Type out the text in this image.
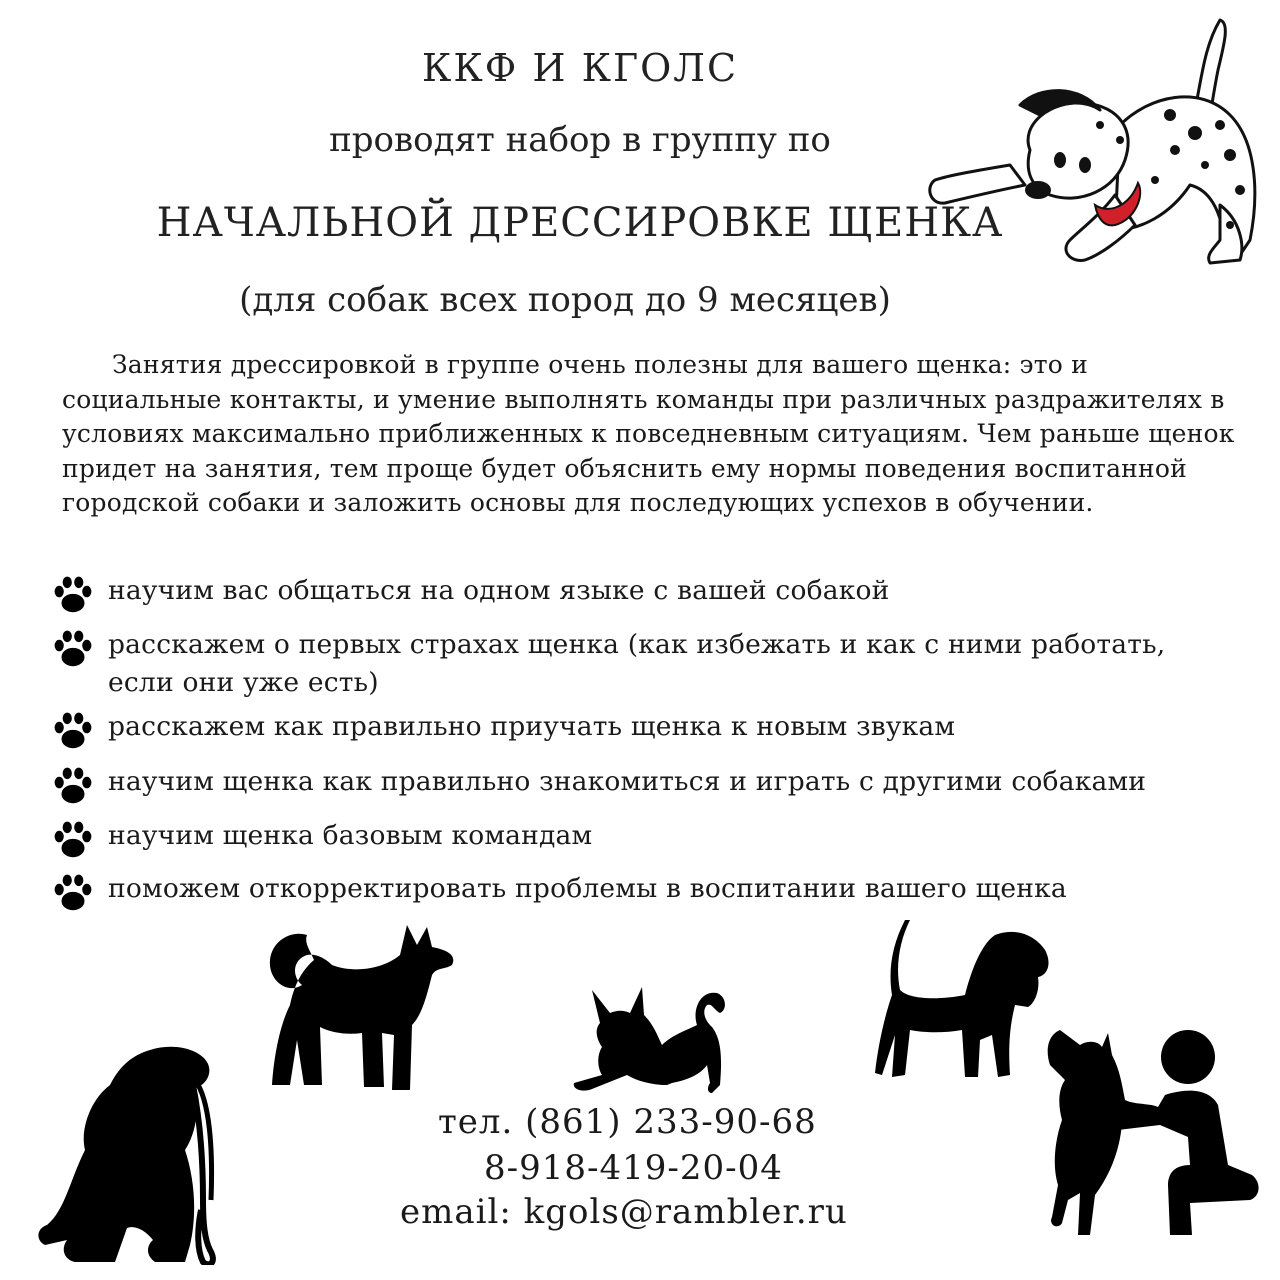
ККФ И КГОЛС
проводят набор в группу по
НАЧАЛЬНОЙ ДРЕССИРОВКЕ ЩЕНКА
(для собак всех пород до 9 месяцев)

Занятия дрессировкой в группе очень полезны для вашего щенка: это и социальные контакты, и умение выполнять команды при различных раздражителях в условиях максимально приближенных к повседневным ситуациям. Чем раньше щенок придет на занятия, тем проще будет объяснить ему нормы поведения воспитанной городской собаки и заложить основы для последующих успехов в обучении.

научим вас общаться на одном языке с вашей собакой
расскажем о первых страхах щенка (как избежать и как с ними работать, если они уже есть)
расскажем как правильно приучать щенка к новым звукам
научим щенка как правильно знакомиться и играть с другими собаками
научим щенка базовым командам
поможем откорректировать проблемы в воспитании вашего щенка
тел. (861) 233-90-68
8-918-419-20-04
email: kgols@rambler.ru
